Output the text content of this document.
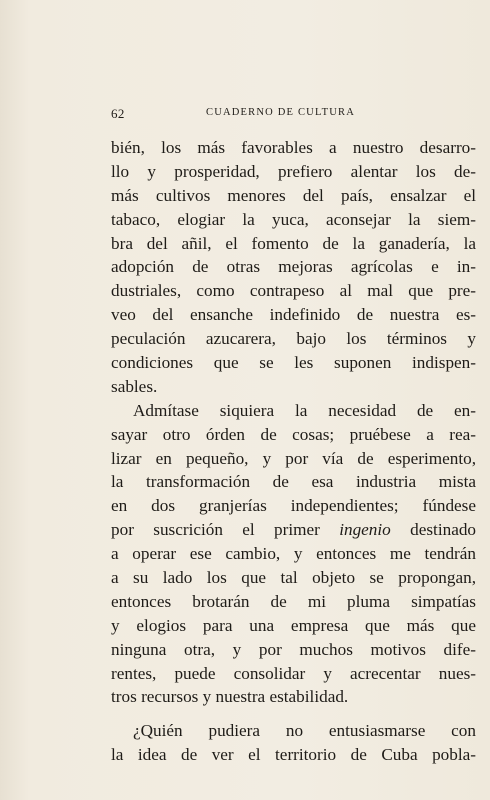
62	CUADERNO DE CULTURA
bién, los más favorables a nuestro desarro-
llo y prosperidad, prefiero alentar los de-
más cultivos menores del país, ensalzar el
tabaco, elogiar la yuca, aconsejar la siem-
bra del añil, el fomento de la ganadería, la
adopción de otras mejoras agrícolas e in-
dustriales, como contrapeso al mal que pre-
veo del ensanche indefinido de nuestra es-
peculación azucarera, bajo los términos y
condiciones que se les suponen indispen-
sables.
Admítase siquiera la necesidad de en-
sayar otro órden de cosas; pruébese a rea-
lizar en pequeño, y por vía de esperimento,
la transformación de esa industria mista
en dos granjerías independientes; fúndese
por suscrición el primer ingenio destinado
a operar ese cambio, y entonces me tendrán
a su lado los que tal objeto se propongan,
entonces brotarán de mi pluma simpatías
y elogios para una empresa que más que
ninguna otra, y por muchos motivos dife-
rentes, puede consolidar y acrecentar nues-
tros recursos y nuestra estabilidad.
¿Quién pudiera no entusiasmarse con
la idea de ver el territorio de Cuba pobla-
